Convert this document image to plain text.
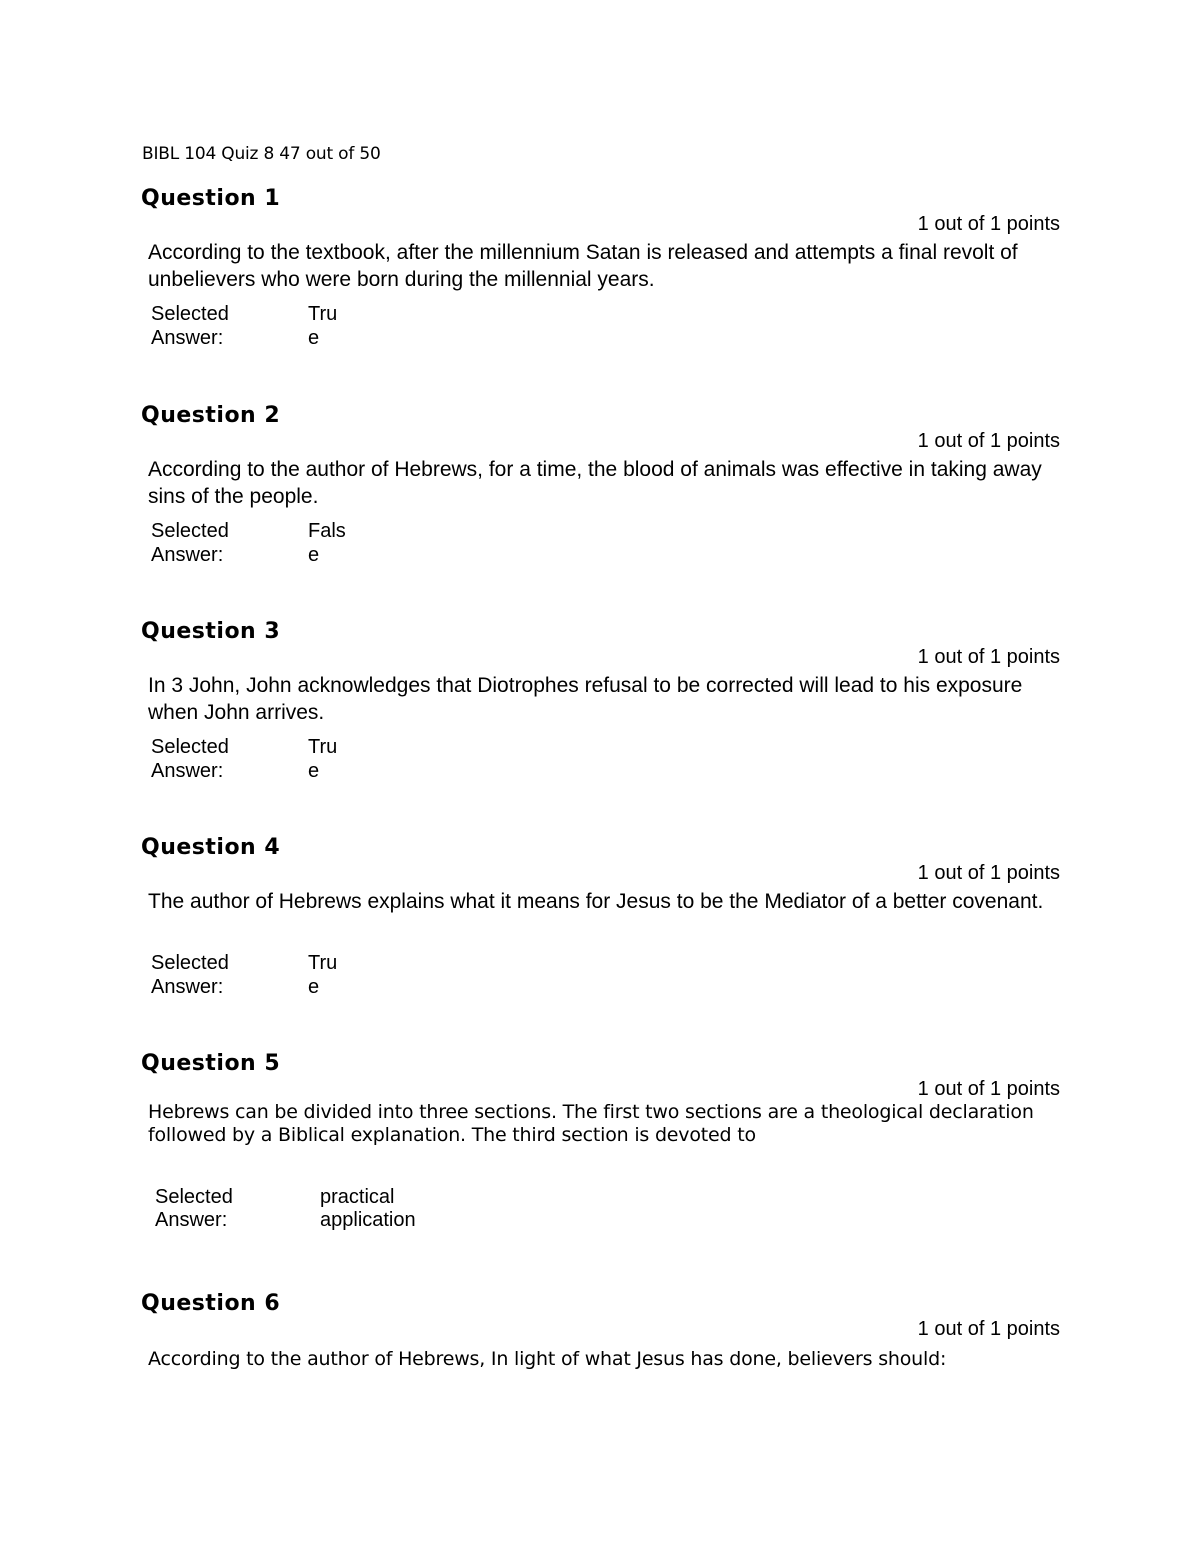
BIBL 104 Quiz 8 47 out of 50
Question 1
1 out of 1 points
According to the textbook, after the millennium Satan is released and attempts a final revolt of unbelievers who were born during the millennial years.
Selected Answer:
True
Question 2
1 out of 1 points
According to the author of Hebrews, for a time, the blood of animals was effective in taking away sins of the people.
Selected Answer:
False
Question 3
1 out of 1 points
In 3 John, John acknowledges that Diotrophes refusal to be corrected will lead to his exposure when John arrives.
Selected Answer:
True
Question 4
1 out of 1 points
The author of Hebrews explains what it means for Jesus to be the Mediator of a better covenant.
Selected Answer:
True
Question 5
1 out of 1 points
Hebrews can be divided into three sections. The first two sections are a theological declaration followed by a Biblical explanation. The third section is devoted to
Selected Answer:
practical application
Question 6
1 out of 1 points
According to the author of Hebrews, In light of what Jesus has done, believers should:
